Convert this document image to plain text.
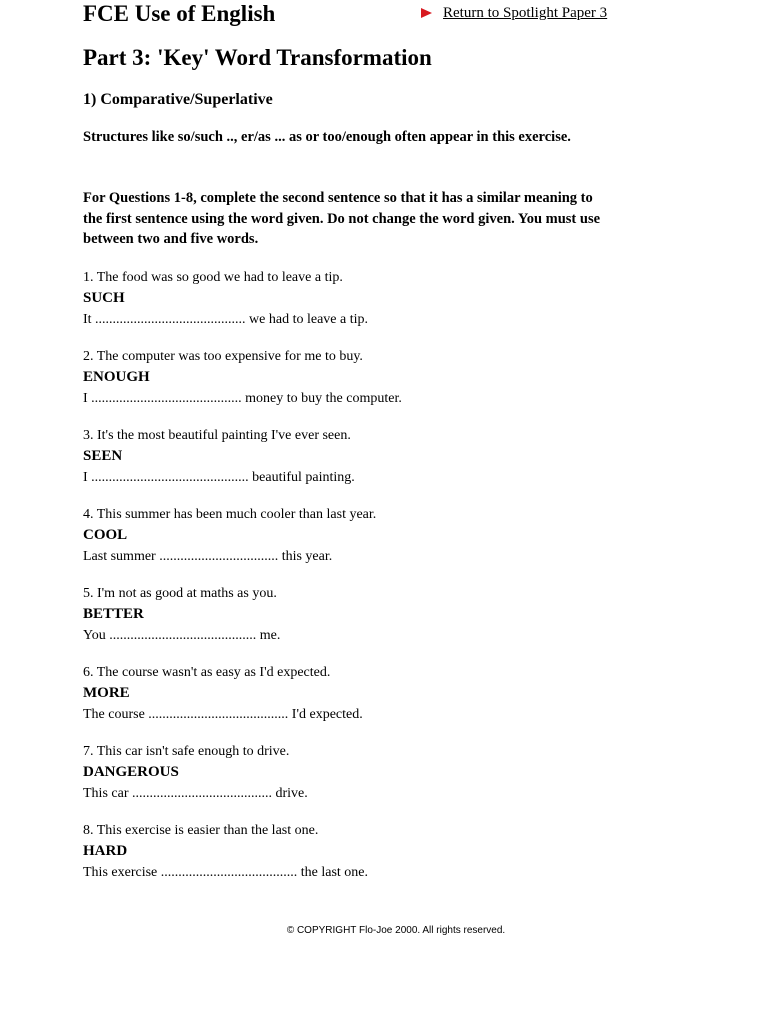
FCE Use of English	Return to Spotlight Paper 3
Part 3: 'Key' Word Transformation
1) Comparative/Superlative

Structures like so/such .., er/as ... as or too/enough often appear in this exercise.

For Questions 1-8, complete the second sentence so that it has a similar meaning to the first sentence using the word given. Do not change the word given. You must use between two and five words.

1. The food was so good we had to leave a tip.
SUCH
It ........................................... we had to leave a tip.
2. The computer was too expensive for me to buy.
ENOUGH
I ........................................... money to buy the computer.
3. It's the most beautiful painting I've ever seen.
SEEN
I ............................................. beautiful painting.
4. This summer has been much cooler than last year.
COOL
Last summer .................................. this year.
5. I'm not as good at maths as you.
BETTER
You .......................................... me.
6. The course wasn't as easy as I'd expected.
MORE
The course ........................................ I'd expected.
7. This car isn't safe enough to drive.
DANGEROUS
This car ........................................ drive.
8. This exercise is easier than the last one.
HARD
This exercise ....................................... the last one.
© COPYRIGHT Flo-Joe 2000. All rights reserved.
